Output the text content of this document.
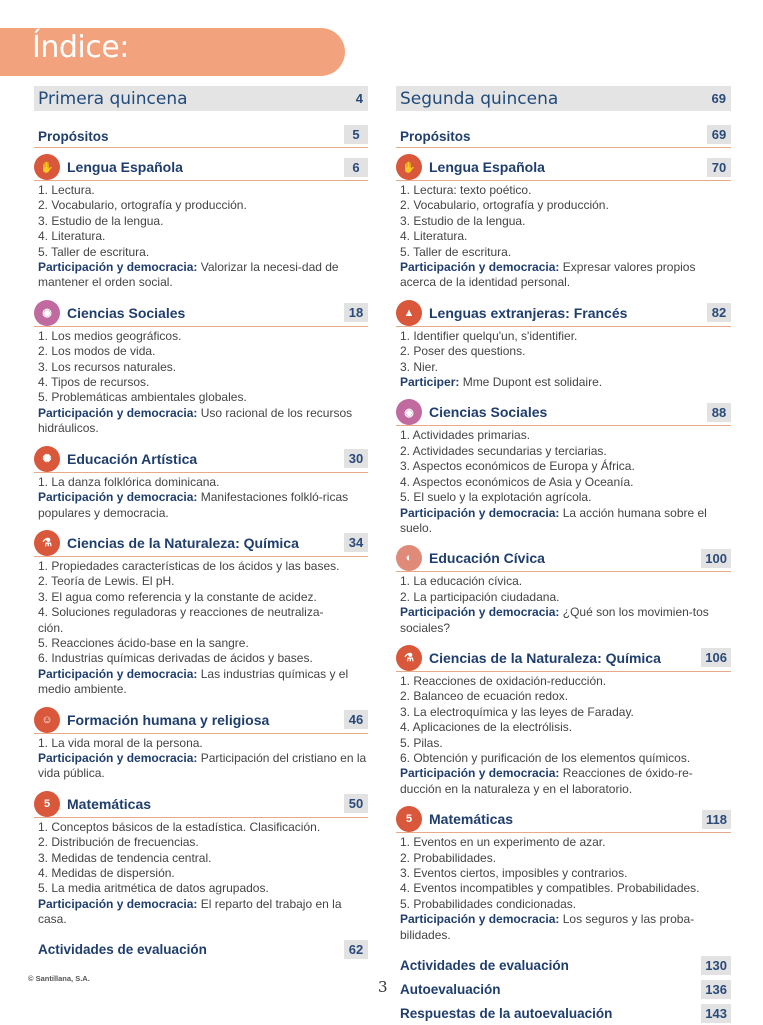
Índice:
Primera quincena	4
Propósitos	5
✋ Lengua Española	6
1. Lectura.
2. Vocabulario, ortografía y producción.
3. Estudio de la lengua.
4. Literatura.
5. Taller de escritura.
Participación y democracia: Valorizar la necesi-dad de mantener el orden social.
◉	Ciencias Sociales	18
1. Los medios geográficos.
2. Los modos de vida.
3. Los recursos naturales.
4. Tipos de recursos.
5. Problemáticas ambientales globales.
Participación y democracia: Uso racional de los recursos hidráulicos.
✺	Educación Artística	30
1. La danza folklórica dominicana.
Participación y democracia: Manifestaciones folkló-ricas populares y democracia.
⚗	Ciencias de la Naturaleza: Química	34
1. Propiedades características de los ácidos y las bases.
2. Teoría de Lewis. El pH.
3. El agua como referencia y la constante de acidez.
4. Soluciones reguladoras y reacciones de neutraliza-
ción.
5. Reacciones ácido-base en la sangre.
6. Industrias químicas derivadas de ácidos y bases.
Participación y democracia: Las industrias químicas y el medio ambiente.
☺	Formación humana y religiosa	46
1. La vida moral de la persona.
Participación y democracia: Participación del cristiano en la vida pública.
5	Matemáticas	50
1. Conceptos básicos de la estadística. Clasificación.
2. Distribución de frecuencias.
3. Medidas de tendencia central.
4. Medidas de dispersión.
5. La media aritmética de datos agrupados.
Participación y democracia: El reparto del trabajo en la casa.
Actividades de evaluación	62
Segunda quincena	69
Propósitos	69
✋ Lengua Española	70
1. Lectura: texto poético.
2. Vocabulario, ortografía y producción.
3. Estudio de la lengua.
4. Literatura.
5. Taller de escritura.
Participación y democracia: Expresar valores propios acerca de la identidad personal.
▲	Lenguas extranjeras: Francés	82
1. Identifier quelqu'un, s'identifier.
2. Poser des questions.
3. Nier.
Participer: Mme Dupont est solidaire.
◉	Ciencias Sociales	88
1. Actividades primarias.
2. Actividades secundarias y terciarias.
3. Aspectos económicos de Europa y África.
4. Aspectos económicos de Asia y Oceanía.
5. El suelo y la explotación agrícola.
Participación y democracia: La acción humana sobre el suelo.
◐	Educación Cívica	100
1. La educación cívica.
2. La participación ciudadana.
Participación y democracia: ¿Qué son los movimien-tos sociales?
⚗	Ciencias de la Naturaleza: Química	106
1. Reacciones de oxidación-reducción.
2. Balanceo de ecuación redox.
3. La electroquímica y las leyes de Faraday.
4. Aplicaciones de la electrólisis.
5. Pilas.
6. Obtención y purificación de los elementos químicos.
Participación y democracia: Reacciones de óxido-re-ducción en la naturaleza y en el laboratorio.
5	Matemáticas	118
1. Eventos en un experimento de azar.
2. Probabilidades.
3. Eventos ciertos, imposibles y contrarios.
4. Eventos incompatibles y compatibles. Probabilidades.
5. Probabilidades condicionadas.
Participación y democracia: Los seguros y las proba-bilidades.
Actividades de evaluación	130
Autoevaluación	136
Respuestas de la autoevaluación	143
© Santillana, S.A.	3
